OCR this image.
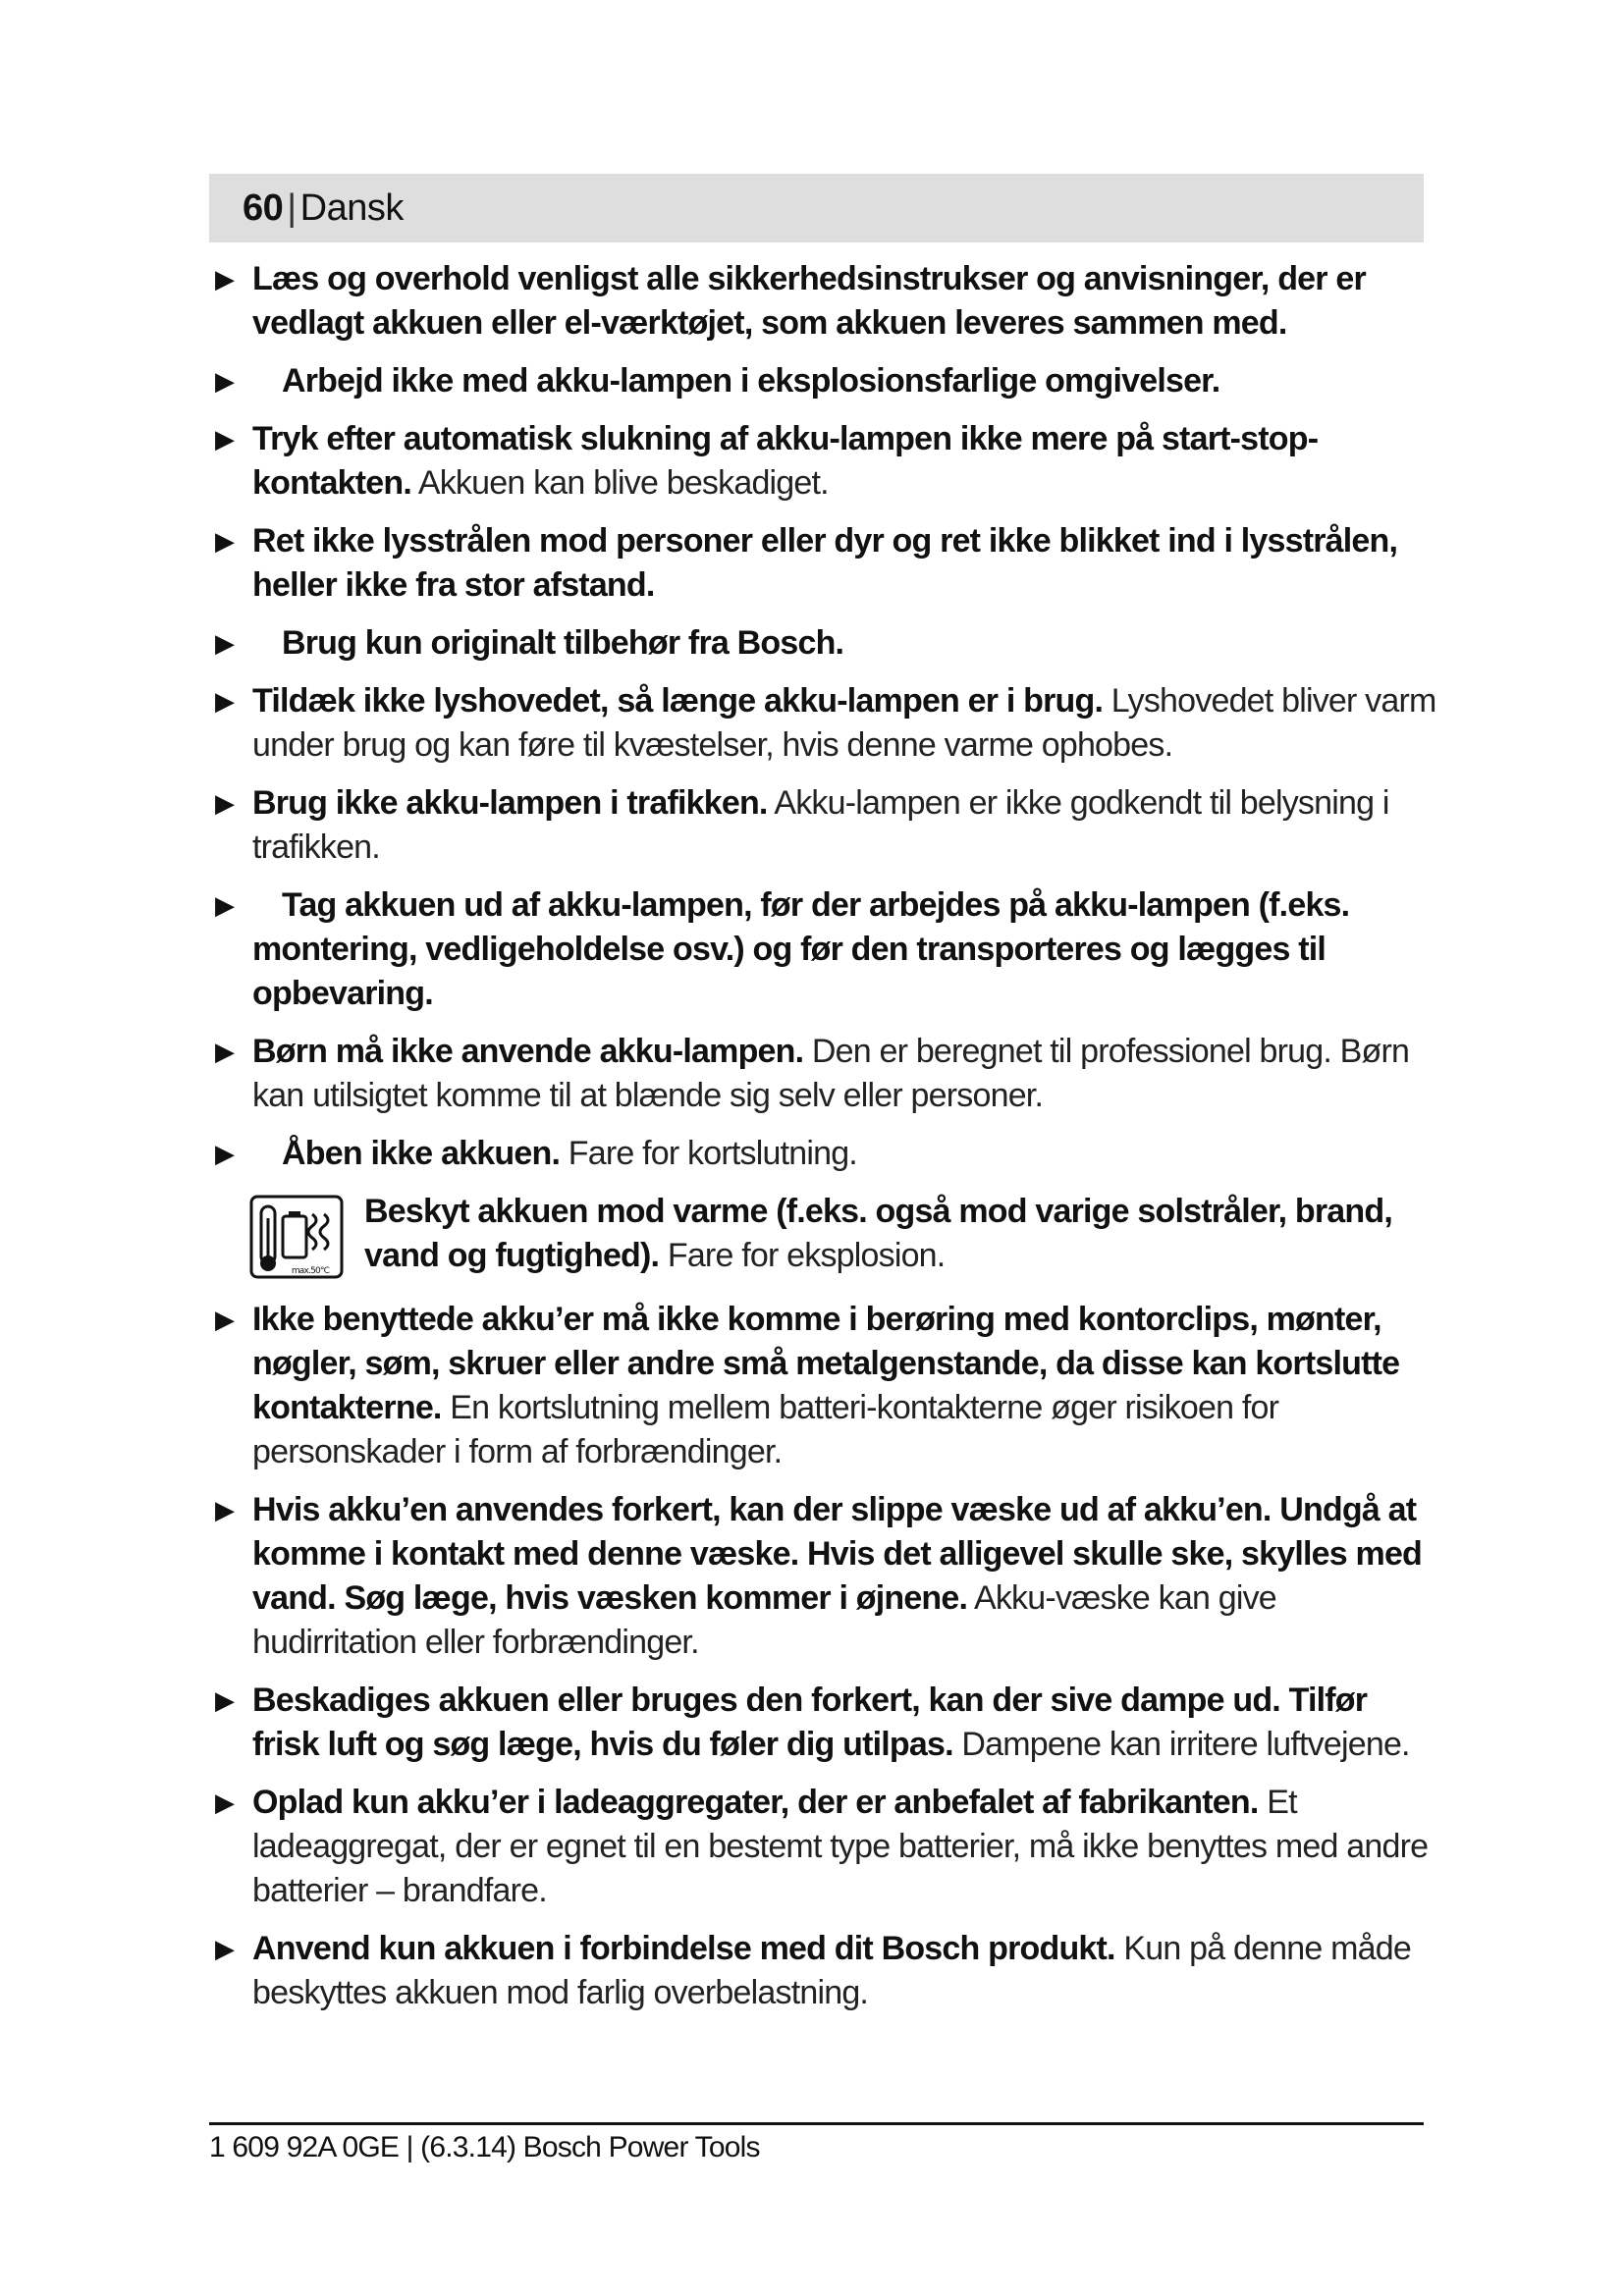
60 | Dansk
▶ Læs og overhold venligst alle sikkerhedsinstrukser og anvisninger, der er vedlagt akkuen eller el-værktøjet, som akkuen leveres sammen med.
▶ Arbejd ikke med akku-lampen i eksplosionsfarlige omgivelser.
▶ Tryk efter automatisk slukning af akku-lampen ikke mere på start-stop-kontakten. Akkuen kan blive beskadiget.
▶ Ret ikke lysstrålen mod personer eller dyr og ret ikke blikket ind i lysstrålen, heller ikke fra stor afstand.
▶ Brug kun originalt tilbehør fra Bosch.
▶ Tildæk ikke lyshovedet, så længe akku-lampen er i brug. Lyshovedet bliver varm under brug og kan føre til kvæstelser, hvis denne varme ophobes.
▶ Brug ikke akku-lampen i trafikken. Akku-lampen er ikke godkendt til belysning i trafikken.
▶ Tag akkuen ud af akku-lampen, før der arbejdes på akku-lampen (f.eks. montering, vedligeholdelse osv.) og før den transporteres og lægges til opbevaring.
▶ Børn må ikke anvende akku-lampen. Den er beregnet til professionel brug. Børn kan utilsigtet komme til at blænde sig selv eller personer.
▶ Åben ikke akkuen. Fare for kortslutning.
max.50°C
Beskyt akkuen mod varme (f.eks. også mod varige solstråler, brand, vand og fugtighed). Fare for eksplosion.
▶ Ikke benyttede akku’er må ikke komme i berøring med kontorclips, mønter, nøgler, søm, skruer eller andre små metalgenstande, da disse kan kortslutte kontakterne. En kortslutning mellem batteri-kontakterne øger risikoen for personskader i form af forbrændinger.
▶ Hvis akku’en anvendes forkert, kan der slippe væske ud af akku’en. Undgå at komme i kontakt med denne væske. Hvis det alligevel skulle ske, skylles med vand. Søg læge, hvis væsken kommer i øjnene. Akku-væske kan give hudirritation eller forbrændinger.
▶ Beskadiges akkuen eller bruges den forkert, kan der sive dampe ud. Tilfør frisk luft og søg læge, hvis du føler dig utilpas. Dampene kan irritere luftvejene.
▶ Oplad kun akku’er i ladeaggregater, der er anbefalet af fabrikanten. Et ladeaggregat, der er egnet til en bestemt type batterier, må ikke benyttes med andre batterier – brandfare.
▶ Anvend kun akkuen i forbindelse med dit Bosch produkt. Kun på denne måde beskyttes akkuen mod farlig overbelastning.
1 609 92A 0GE | (6.3.14) Bosch Power Tools
